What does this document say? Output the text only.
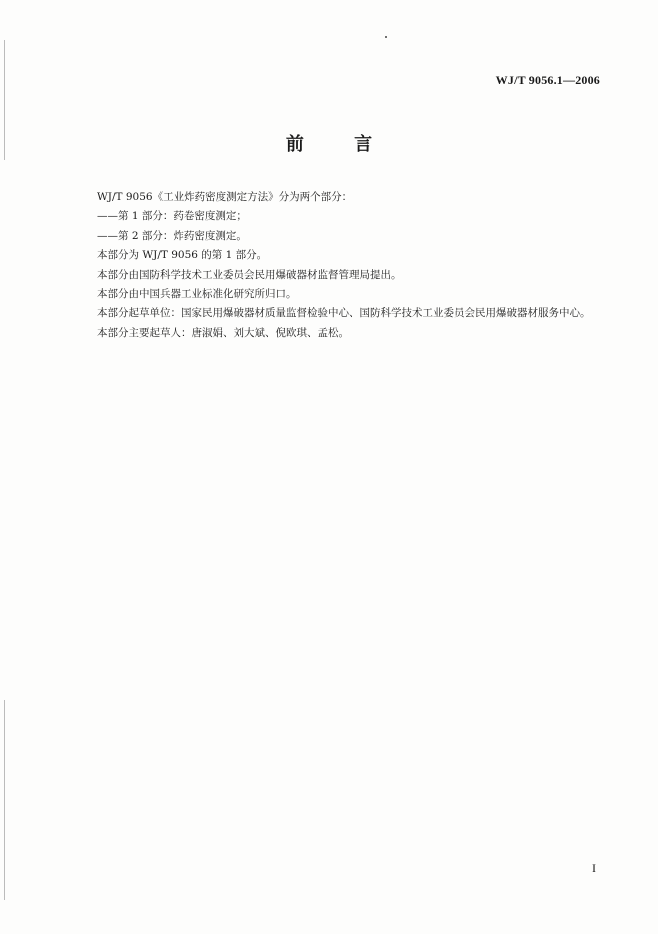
WJ/T 9056.1—2006
前 言

WJ/T 9056《工业炸药密度测定方法》分为两个部分：

——第 1 部分：药卷密度测定；

——第 2 部分：炸药密度测定。

本部分为 WJ/T 9056 的第 1 部分。

本部分由国防科学技术工业委员会民用爆破器材监督管理局提出。

本部分由中国兵器工业标准化研究所归口。

本部分起草单位：国家民用爆破器材质量监督检验中心、国防科学技术工业委员会民用爆破器材服务中心。

本部分主要起草人：唐淑娟、刘大斌、倪欧琪、孟松。

I
